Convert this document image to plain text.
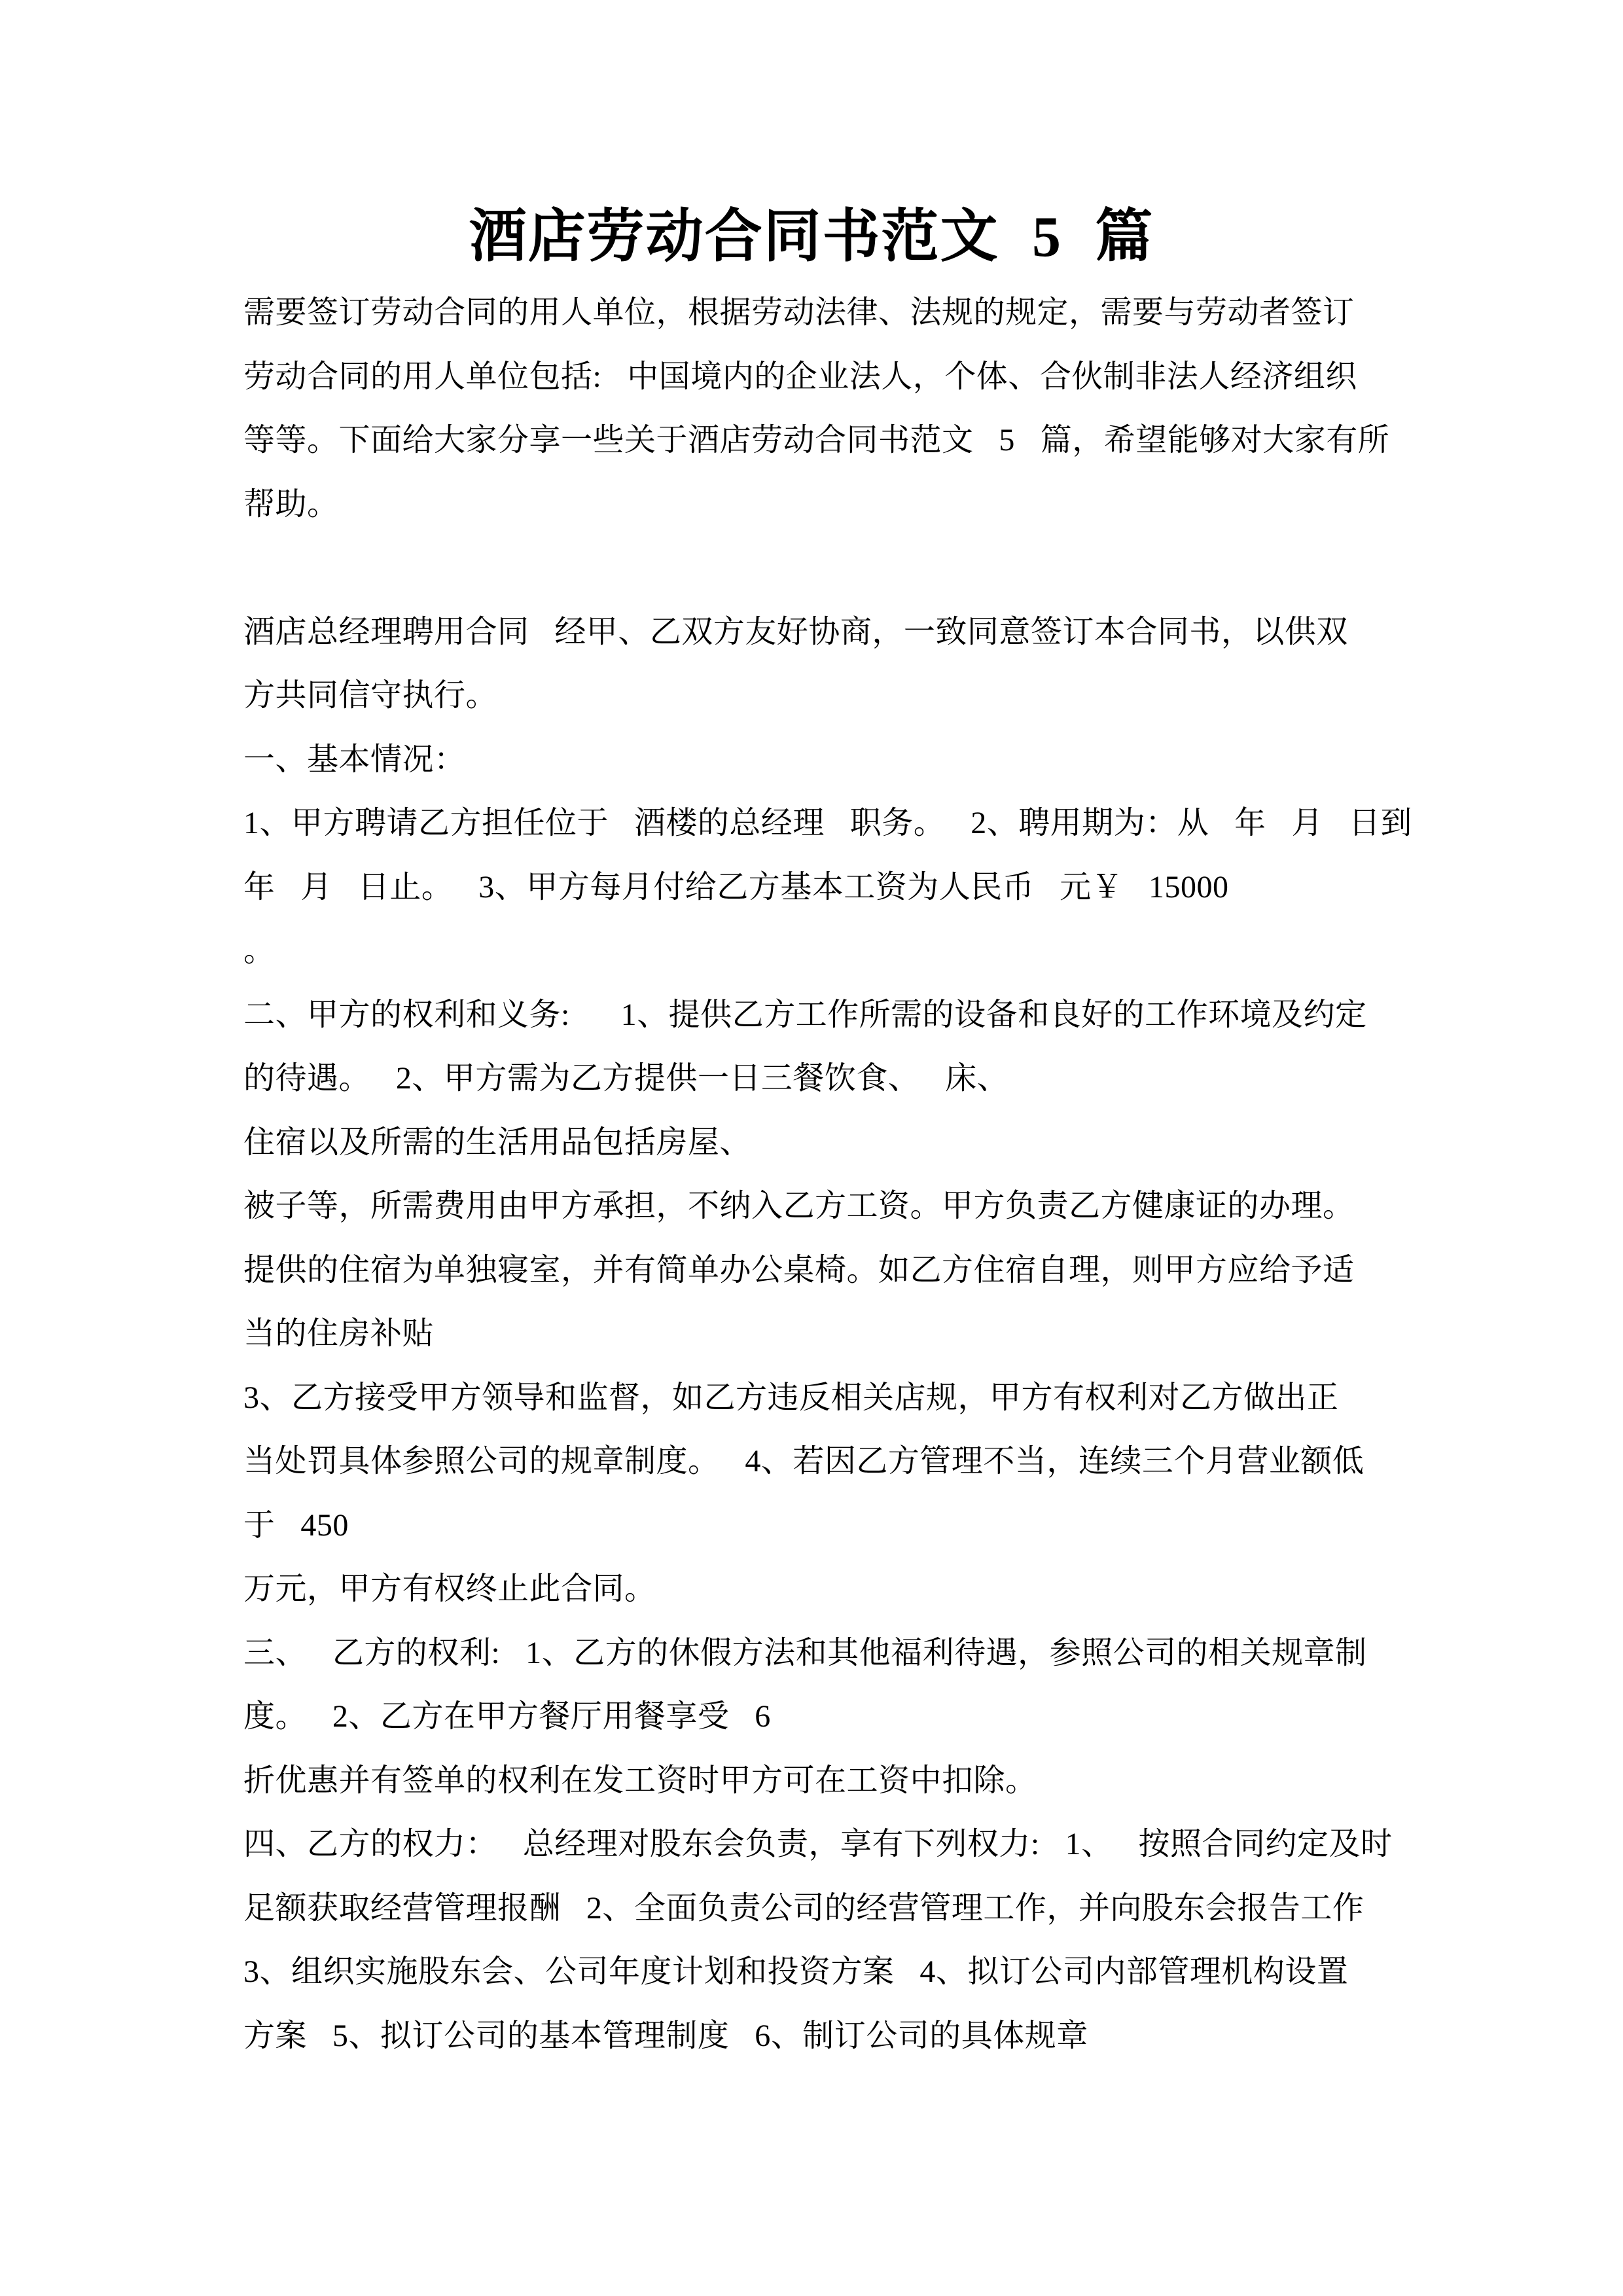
酒店劳动合同书范文 5 篇
需要签订劳动合同的用人单位，根据劳动法律、法规的规定，需要与劳动者签订
劳动合同的用人单位包括: 中国境内的企业法人，个体、合伙制非法人经济组织
等等。下面给大家分享一些关于酒店劳动合同书范文 5 篇，希望能够对大家有所
帮助。

酒店总经理聘用合同 经甲、乙双方友好协商，一致同意签订本合同书，以供双
方共同信守执行。
一、基本情况：
1、甲方聘请乙方担任位于 酒楼的总经理 职务。 2、聘用期为：从 年 月 日到
年 月 日止。 3、甲方每月付给乙方基本工资为人民币 元￥ 15000
。
二、甲方的权利和义务:  1、提供乙方工作所需的设备和良好的工作环境及约定
的待遇。 2、甲方需为乙方提供一日三餐饮食、 床、
住宿以及所需的生活用品包括房屋、
被子等，所需费用由甲方承担，不纳入乙方工资。甲方负责乙方健康证的办理。
提供的住宿为单独寝室，并有简单办公桌椅。如乙方住宿自理，则甲方应给予适
当的住房补贴
3、乙方接受甲方领导和监督，如乙方违反相关店规，甲方有权利对乙方做出正
当处罚具体参照公司的规章制度。 4、若因乙方管理不当，连续三个月营业额低
于 450
万元，甲方有权终止此合同。
三、 乙方的权利: 1、乙方的休假方法和其他福利待遇，参照公司的相关规章制
度。 2、乙方在甲方餐厅用餐享受 6
折优惠并有签单的权利在发工资时甲方可在工资中扣除。
四、乙方的权力： 总经理对股东会负责，享有下列权力: 1、 按照合同约定及时
足额获取经营管理报酬 2、全面负责公司的经营管理工作，并向股东会报告工作
3、组织实施股东会、公司年度计划和投资方案 4、拟订公司内部管理机构设置
方案 5、拟订公司的基本管理制度 6、制订公司的具体规章
